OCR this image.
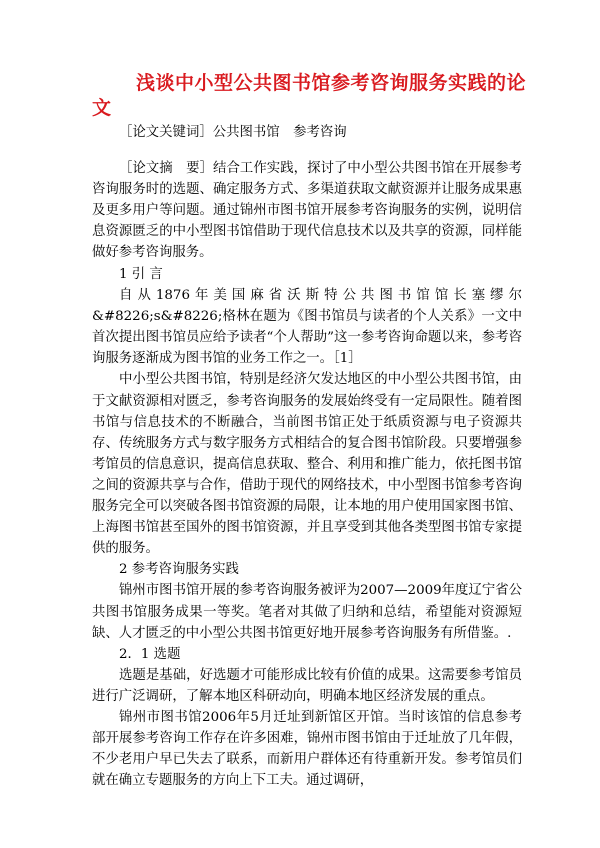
浅谈中小型公共图书馆参考咨询服务实践的论文

［论文关键词］公共图书馆　参考咨询

［论文摘　要］结合工作实践，探讨了中小型公共图书馆在开展参考咨询服务时的选题、确定服务方式、多渠道获取文献资源并让服务成果惠及更多用户等问题。通过锦州市图书馆开展参考咨询服务的实例，说明信息资源匮乏的中小型图书馆借助于现代信息技术以及共享的资源，同样能做好参考咨询服务。

1 引 言

自从1876年美国麻省沃斯特公共图书馆馆长塞缪尔&#8226;s&#8226;格林在题为《图书馆员与读者的个人关系》一文中首次提出图书馆员应给予读者“个人帮助”这一参考咨询命题以来，参考咨询服务逐渐成为图书馆的业务工作之一。［1］

中小型公共图书馆，特别是经济欠发达地区的中小型公共图书馆，由于文献资源相对匮乏，参考咨询服务的发展始终受有一定局限性。随着图书馆与信息技术的不断融合，当前图书馆正处于纸质资源与电子资源共存、传统服务方式与数字服务方式相结合的复合图书馆阶段。只要增强参考馆员的信息意识，提高信息获取、整合、利用和推广能力，依托图书馆之间的资源共享与合作，借助于现代的网络技术，中小型图书馆参考咨询服务完全可以突破各图书馆资源的局限，让本地的用户使用国家图书馆、上海图书馆甚至国外的图书馆资源，并且享受到其他各类型图书馆专家提供的服务。

2 参考咨询服务实践

锦州市图书馆开展的参考咨询服务被评为2007—2009年度辽宁省公共图书馆服务成果一等奖。笔者对其做了归纳和总结，希望能对资源短缺、人才匮乏的中小型公共图书馆更好地开展参考咨询服务有所借鉴。.

2．1 选题

选题是基础，好选题才可能形成比较有价值的成果。这需要参考馆员进行广泛调研，了解本地区科研动向，明确本地区经济发展的重点。

锦州市图书馆2006年5月迁址到新馆区开馆。当时该馆的信息参考部开展参考咨询工作存在许多困难，锦州市图书馆由于迁址放了几年假，不少老用户早已失去了联系，而新用户群体还有待重新开发。参考馆员们就在确立专题服务的方向上下工夫。通过调研，
